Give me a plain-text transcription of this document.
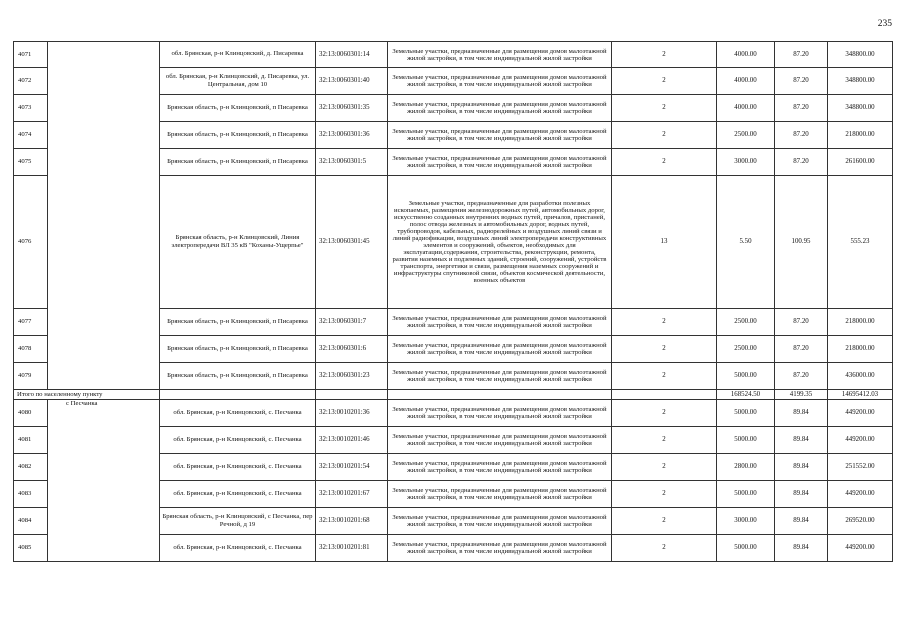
235
4071		обл. Брянская, р-н Клинцовский, д. Писаревка	32:13:0060301:14	Земельные участки, предназначенные для размещения домов малоэтажной жилой застройки, в том числе индивидуальной жилой застройки	2	4000.00	87.20	348800.00
4072		обл. Брянская, р-н Клинцовский, д. Писаревка, ул. Центральная, дом 10	32:13:0060301:40	Земельные участки, предназначенные для размещения домов малоэтажной жилой застройки, в том числе индивидуальной жилой застройки	2	4000.00	87.20	348800.00
4073		Брянская область, р-н Клинцовский, п Писаревка	32:13:0060301:35	Земельные участки, предназначенные для размещения домов малоэтажной жилой застройки, в том числе индивидуальной жилой застройки	2	4000.00	87.20	348800.00
4074		Брянская область, р-н Клинцовский, п Писаревка	32:13:0060301:36	Земельные участки, предназначенные для размещения домов малоэтажной жилой застройки, в том числе индивидуальной жилой застройки	2	2500.00	87.20	218000.00
4075		Брянская область, р-н Клинцовский, п Писаревка	32:13:0060301:5	Земельные участки, предназначенные для размещения домов малоэтажной жилой застройки, в том числе индивидуальной жилой застройки	2	3000.00	87.20	261600.00
4076		Брянская область, р-н Клинцовский, Линия электропередачи ВЛ 35 кВ "Коханы-Ущерпье"	32:13:0060301:45	Земельные участки, предназначенные для разработки полезных ископаемых, размещения железнодорожных путей, автомобильных дорог, искусственно созданных внутренних водных путей, причалов, пристаней, полос отвода железных и автомобильных дорог, водных путей, трубопроводов, кабельных, радиорелейных и воздушных линий связи и линий радиофикации, воздушных линий электропередачи конструктивных элементов и сооружений, объектов, необходимых для эксплуатации,содержания, строительства, реконструкции, ремонта, развития наземных и подземных зданий, строений, сооружений, устройств транспорта, энергетики и связи, размещения наземных сооружений и инфраструктуры спутниковой связи, объектов космической деятельности, военных объектов	13	5.50	100.95	555.23
4077		Брянская область, р-н Клинцовский, п Писаревка	32:13:0060301:7	Земельные участки, предназначенные для размещения домов малоэтажной жилой застройки, в том числе индивидуальной жилой застройки	2	2500.00	87.20	218000.00
4078		Брянская область, р-н Клинцовский, п Писаревка	32:13:0060301:6	Земельные участки, предназначенные для размещения домов малоэтажной жилой застройки, в том числе индивидуальной жилой застройки	2	2500.00	87.20	218000.00
4079		Брянская область, р-н Клинцовский, п Писаревка	32:13:0060301:23	Земельные участки, предназначенные для размещения домов малоэтажной жилой застройки, в том числе индивидуальной жилой застройки	2	5000.00	87.20	436000.00
Итого по населенному пункту						168524.50	4199.35	14695412.03
4080	с Песчанка	обл. Брянская, р-н Клинцовский, с. Песчанка	32:13:0010201:36	Земельные участки, предназначенные для размещения домов малоэтажной жилой застройки, в том числе индивидуальной жилой застройки	2	5000.00	89.84	449200.00
4081		обл. Брянская, р-н Клинцовский, с. Песчанка	32:13:0010201:46	Земельные участки, предназначенные для размещения домов малоэтажной жилой застройки, в том числе индивидуальной жилой застройки	2	5000.00	89.84	449200.00
4082		обл. Брянская, р-н Клинцовский, с. Песчанка	32:13:0010201:54	Земельные участки, предназначенные для размещения домов малоэтажной жилой застройки, в том числе индивидуальной жилой застройки	2	2800.00	89.84	251552.00
4083		обл. Брянская, р-н Клинцовский, с. Песчанка	32:13:0010201:67	Земельные участки, предназначенные для размещения домов малоэтажной жилой застройки, в том числе индивидуальной жилой застройки	2	5000.00	89.84	449200.00
4084		Брянская область, р-н Клинцовский, с Песчанка, пер Речной, д 19	32:13:0010201:68	Земельные участки, предназначенные для размещения домов малоэтажной жилой застройки, в том числе индивидуальной жилой застройки	2	3000.00	89.84	269520.00
4085		обл. Брянская, р-н Клинцовский, с. Песчанка	32:13:0010201:81	Земельные участки, предназначенные для размещения домов малоэтажной жилой застройки, в том числе индивидуальной жилой застройки	2	5000.00	89.84	449200.00
